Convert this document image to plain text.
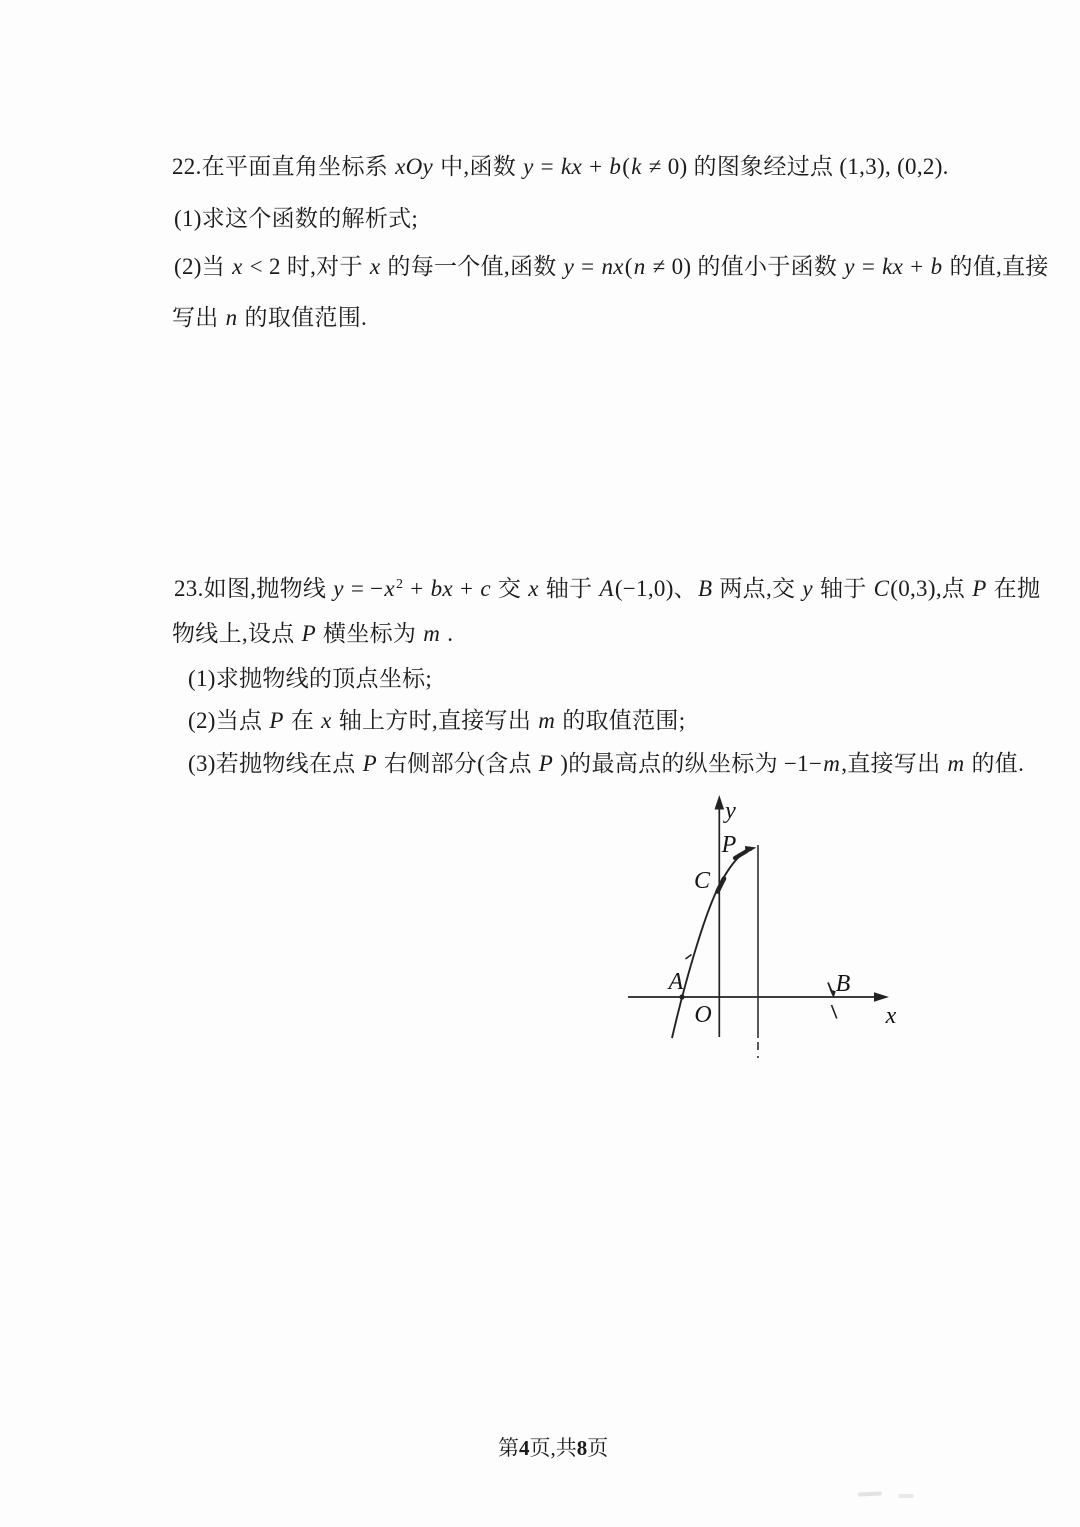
22.在平面直角坐标系 xOy 中,函数 y = kx + b(k ≠ 0) 的图象经过点 (1,3), (0,2).
(1)求这个函数的解析式;
(2)当 x < 2 时,对于 x 的每一个值,函数 y = nx(n ≠ 0) 的值小于函数 y = kx + b 的值,直接
写出 n 的取值范围.
23.如图,抛物线 $y = -x^2$ + bx + c 交 x 轴于 A(−1,0)、B 两点,交 y 轴于 C(0,3),点 P 在抛
物线上,设点 P 横坐标为 m .
(1)求抛物线的顶点坐标;
(2)当点 P 在 x 轴上方时,直接写出 m 的取值范围;
(3)若抛物线在点 P 右侧部分(含点 P )的最高点的纵坐标为 −1−m,直接写出 m 的值.
y
x
O
P
C
A	B
第4页,共8页
